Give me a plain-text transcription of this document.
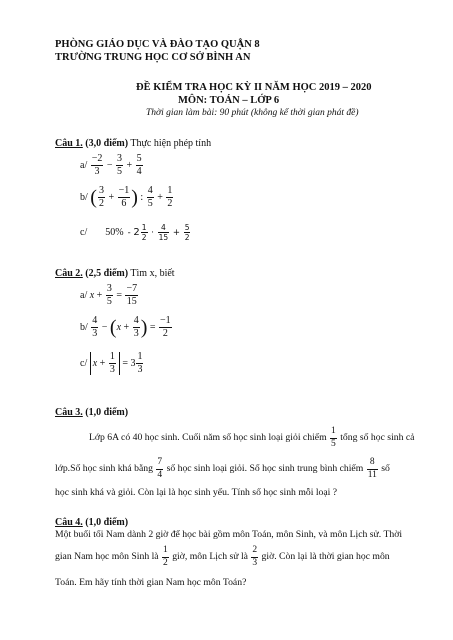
PHÒNG GIÁO DỤC VÀ ĐÀO TẠO QUẬN 8
TRƯỜNG TRUNG HỌC CƠ SỞ BÌNH AN
ĐỀ KIỂM TRA HỌC KỲ II NĂM HỌC 2019 – 2020
MÔN: TOÁN – LỚP 6
Thời gian làm bài: 90 phút (không kể thời gian phát đề)
Câu 1. (3,0 điểm) Thực hiện phép tính
$a/ \frac{-2}{3} - \frac{3}{5} + \frac{5}{4}$
b/ ( $\frac{3}{2} + \frac{-1}{6}$ ) : $\frac{4}{5} + \frac{1}{2}$
c/ $50\% - 2 \frac{1}{2} \cdot \frac{4}{15} + \frac{5}{2}$
Câu 2. (2,5 điểm) Tìm x, biết
a/ $x + \frac{3}{5} = \frac{-7}{15}$
$b/ \frac{4}{3} - (x + \frac{4}{3}$ ) = $\frac{-1}{2}$
c/ $x + \frac{1}{3} = 3 \frac{1}{3}$
Câu 3. (1,0 điểm)
Lớp 6A có 40 học sinh. Cuối năm số học sinh loại giỏi chiếm $\frac{1}{5}$ tổng số học sinh cả
lớp.Số học sinh khá bằng $\frac{7}{4}$ số học sinh loại giỏi. Số học sinh trung bình chiếm $\frac{8}{11}$ số
học sinh khá và giỏi. Còn lại là học sinh yếu. Tính số học sinh mỗi loại ?
Câu 4. (1,0 điểm)
Một buổi tối Nam dành 2 giờ để học bài gồm môn Toán, môn Sinh, và môn Lịch sử. Thời
gian Nam học môn Sinh là $\frac{1}{2}$ giờ, môn Lịch sử là $\frac{2}{3}$ giờ. Còn lại là thời gian học môn
Toán. Em hãy tính thời gian Nam học môn Toán?
